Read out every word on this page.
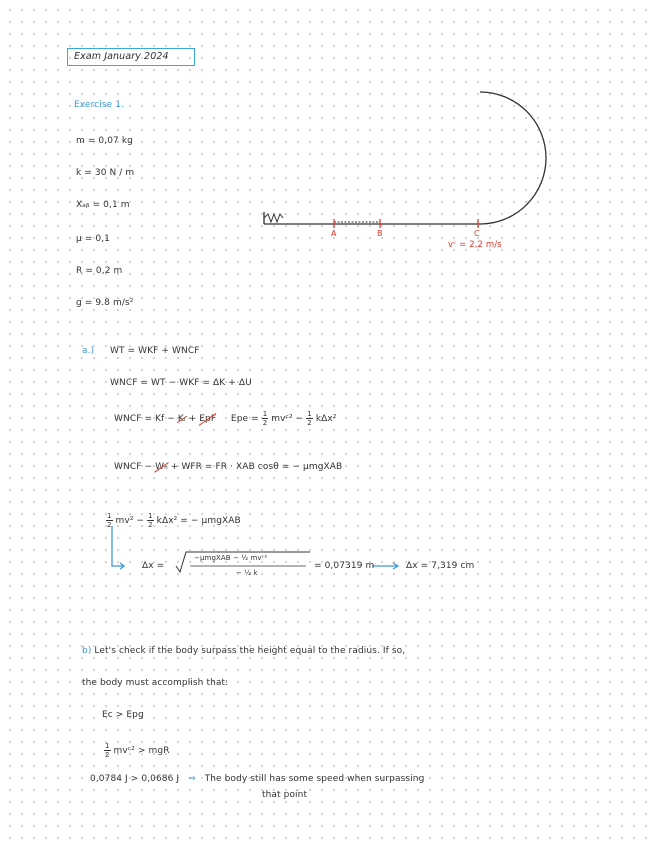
Exam January 2024
Exercise 1.
m = 0,07 kg
k = 30 N / m
Xₐᵦ = 0,1 m
μ = 0,1
R = 0,2 m
g = 9.8 m/s²
A	B	C
vᶜ = 2,2 m/s
a.) WT = WKF + WNCF
WNCF = WT − WKF = ΔK + ΔU
WNCF = Kf − Kᵢ + EpF Epe = $\frac{1}{2}$ mvᶜ² − $\frac{1}{2} k\Delta x^2$
WNCF − Wₙ + WFR = FR · XAB cosθ = − μmgXAB
$\frac{1}{2} mv^2 - \frac{1}{2} k\Delta x^2$ = − μmgXAB
Δx =
−μmgXAB − ½ mvᶜ²
− ½ k
= 0,07319 m	Δx = 7,319 cm
b) Let's check if the body surpass the height equal to the radius. If so,
the body must accomplish that:
Ec > Epg
$\frac{1}{2}$ mvᶜ² > mgR
0,0784 J > 0,0686 J ⇒ The body still has some speed when surpassing
that point
